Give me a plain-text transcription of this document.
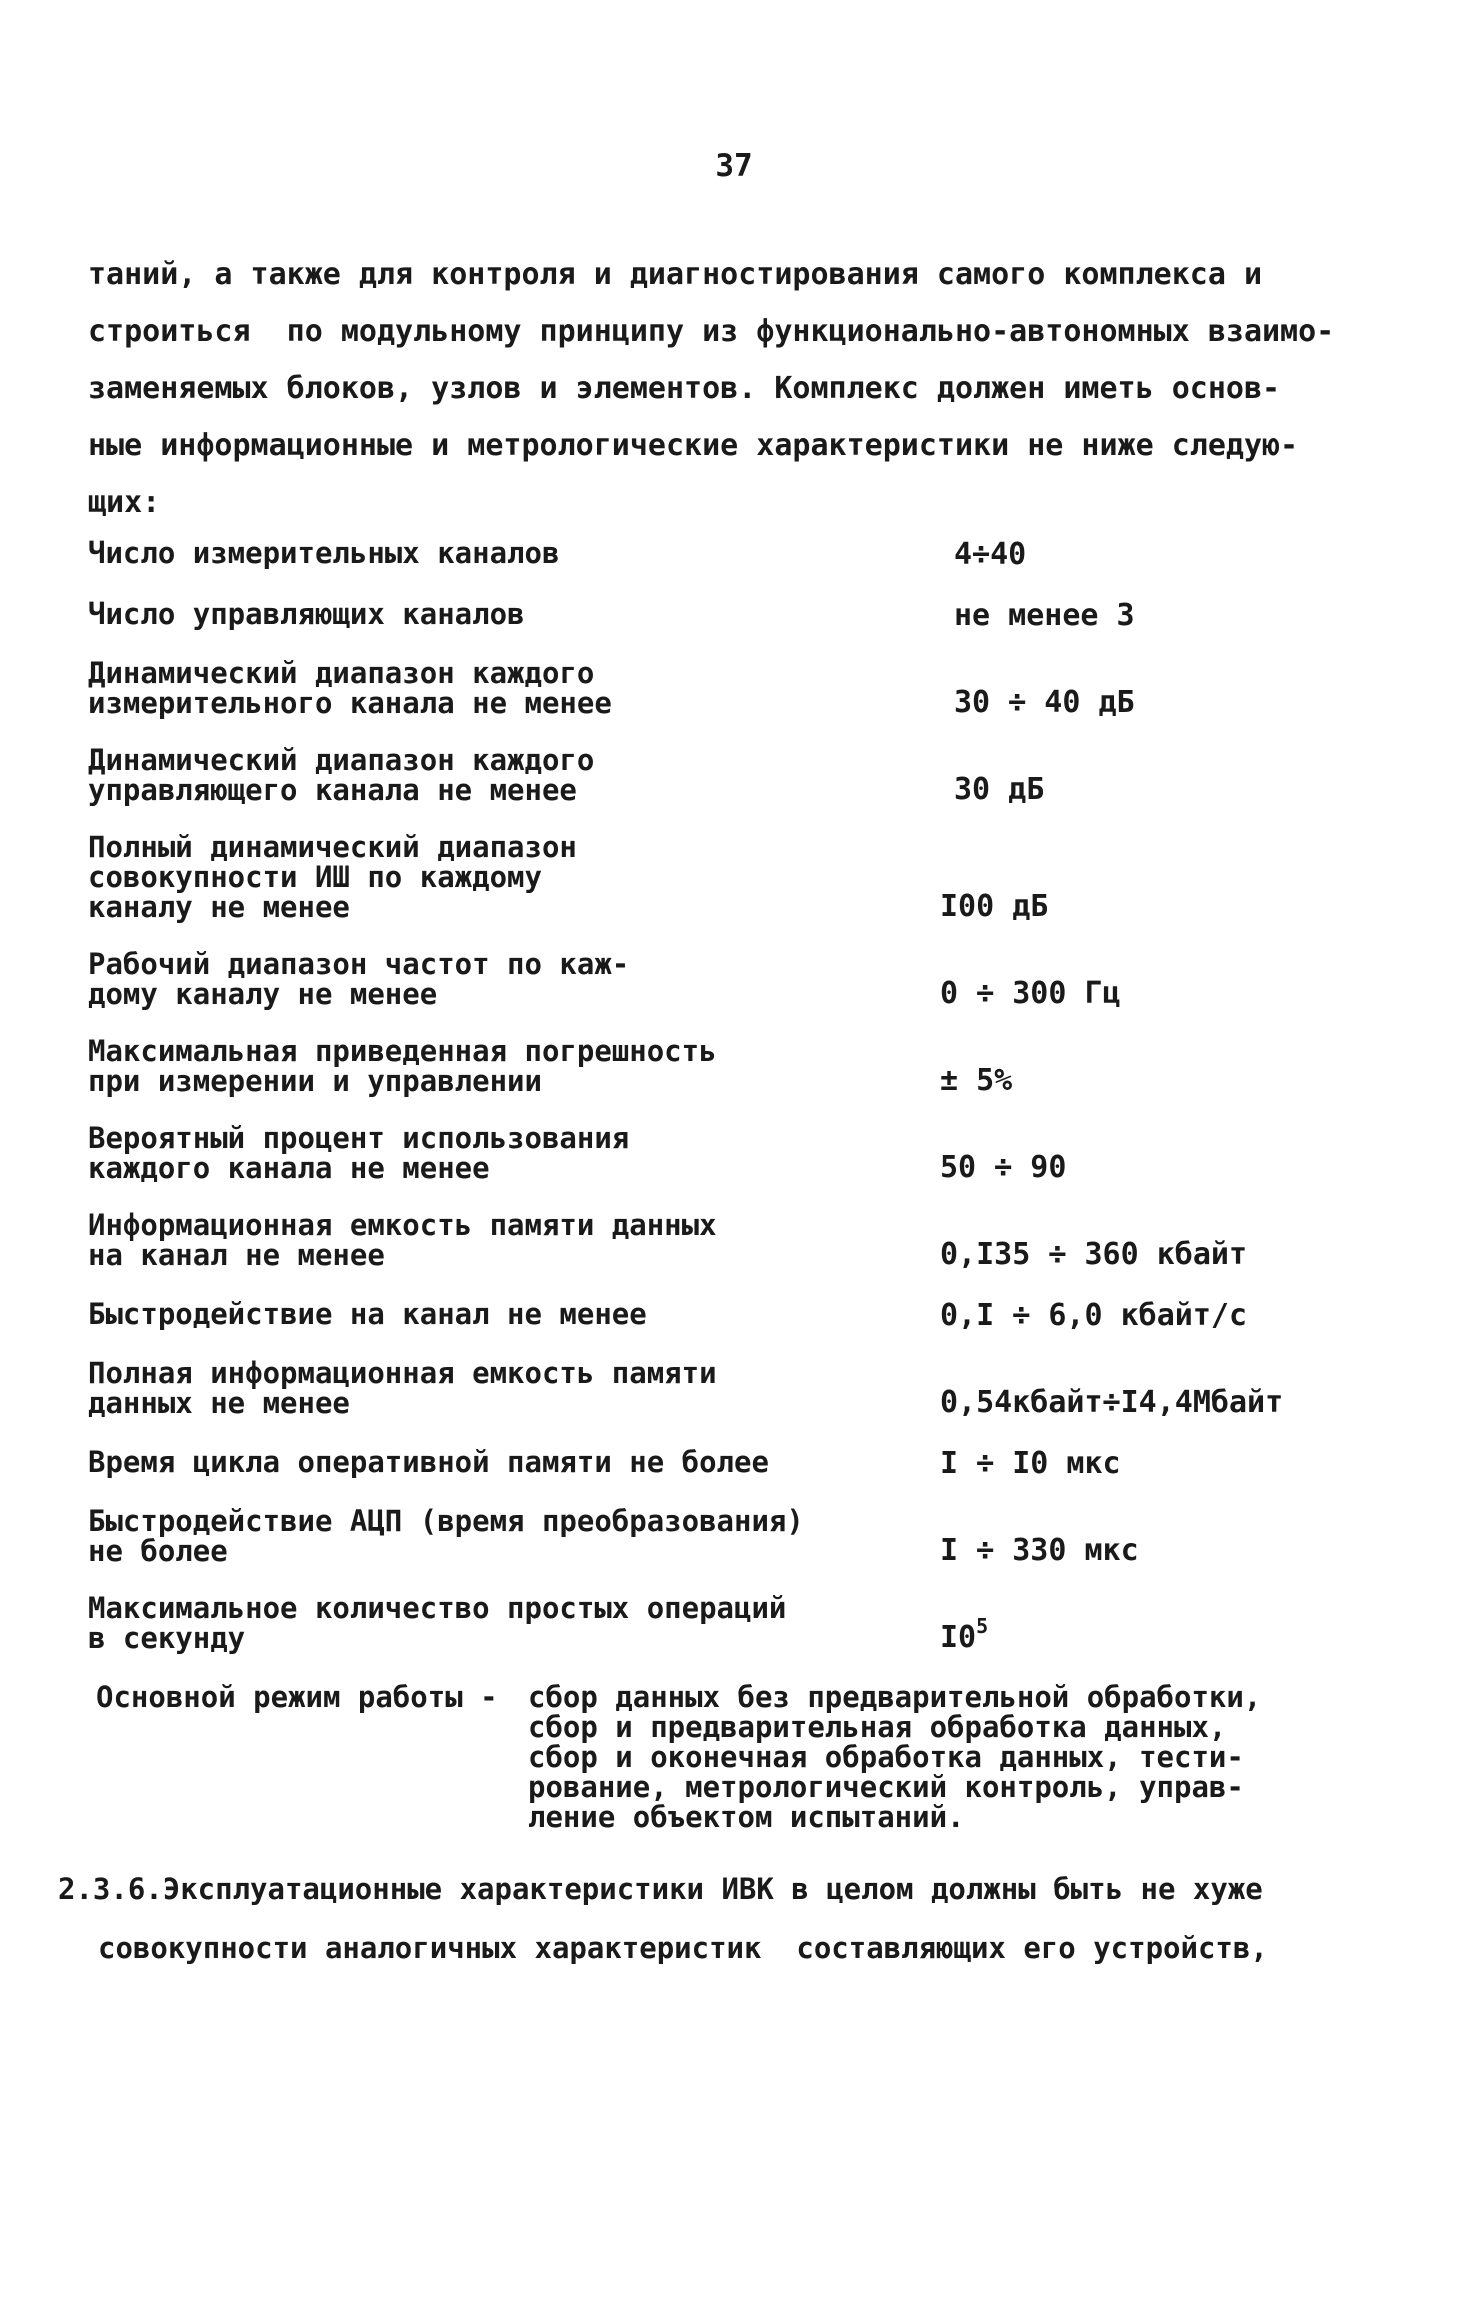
37
таний, а также для контроля и диагностирования самого комплекса и
строиться  по модульному принципу из функционально-автономных взаимо-
заменяемых блоков, узлов и элементов. Комплекс должен иметь основ-
ные информационные и метрологические характеристики не ниже следую-
щих:
Число измерительных каналов	4÷40
Число управляющих каналов	не менее 3
Динамический диапазон каждого
измерительного канала не менее	30 ÷ 40 дБ
Динамический диапазон каждого
управляющего канала не менее	30 дБ
Полный динамический диапазон
совокупности ИШ по каждому
каналу не менее	I00 дБ
Рабочий диапазон частот по каж-
дому каналу не менее	0 ÷ 300 Гц
Максимальная приведенная погрешность
при измерении и управлении	± 5%
Вероятный процент использования
каждого канала не менее	50 ÷ 90
Информационная емкость памяти данных
на канал не менее	0,I35 ÷ 360 кбайт
Быстродействие на канал не менее	0,I ÷ 6,0 кбайт/с
Полная информационная емкость памяти
данных не менее	0,54кбайт÷I4,4Мбайт
Время цикла оперативной памяти не более	I ÷ I0 мкс
Быстродействие АЦП (время преобразования)
не более	I ÷ 330 мкс
Максимальное количество простых операций
в секунду	$I0^5$
Основной режим работы -	сбор данных без предварительной обработки,
сбор и предварительная обработка данных,
сбор и оконечная обработка данных, тести-
рование, метрологический контроль, управ-
ление объектом испытаний.
2.3.6.Эксплуатационные характеристики ИВК в целом должны быть не хуже
совокупности аналогичных характеристик  составляющих его устройств,
